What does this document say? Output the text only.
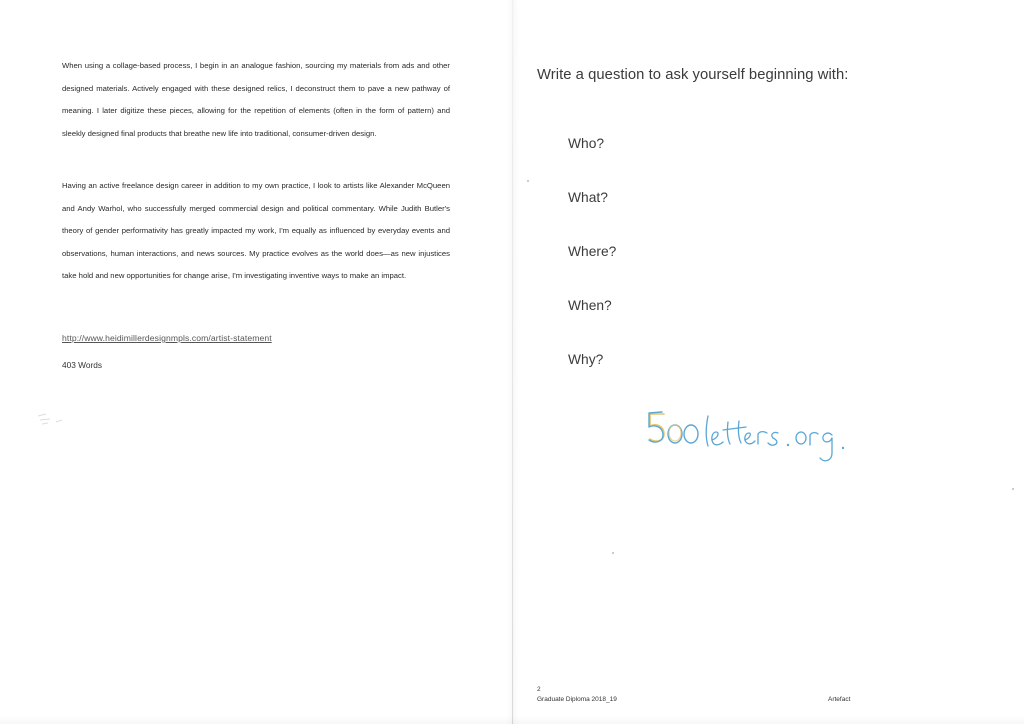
When using a collage-based process, I begin in an analogue fashion, sourcing my materials from ads and other designed materials. Actively engaged with these designed relics, I deconstruct them to pave a new pathway of meaning. I later digitize these pieces, allowing for the repetition of elements (often in the form of pattern) and sleekly designed final products that breathe new life into traditional, consumer-driven design.
Having an active freelance design career in addition to my own practice, I look to artists like Alexander McQueen and Andy Warhol, who successfully merged commercial design and political commentary. While Judith Butler's theory of gender performativity has greatly impacted my work, I'm equally as influenced by everyday events and observations, human interactions, and news sources. My practice evolves as the world does—as new injustices take hold and new opportunities for change arise, I'm investigating inventive ways to make an impact.
http://www.heidimillerdesignmpls.com/artist-statement
403 Words
Write a question to ask yourself beginning with:
Who?
What?
Where?
When?
Why?
2
Graduate Diploma 2018_19	Artefact
